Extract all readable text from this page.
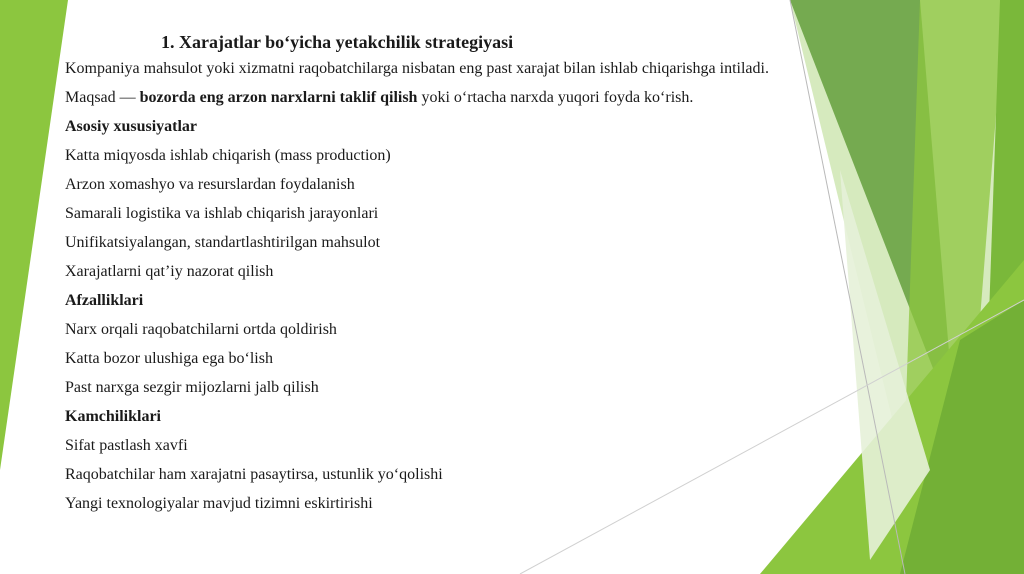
1. Xarajatlar bo‘yicha yetakchilik strategiyasi
Kompaniya mahsulot yoki xizmatni raqobatchilarga nisbatan eng past xarajat bilan ishlab chiqarishga intiladi.
Maqsad — bozorda eng arzon narxlarni taklif qilish yoki o‘rtacha narxda yuqori foyda ko‘rish.
Asosiy xususiyatlar
Katta miqyosda ishlab chiqarish (mass production)
Arzon xomashyo va resurslardan foydalanish
Samarali logistika va ishlab chiqarish jarayonlari
Unifikatsiyalangan, standartlashtirilgan mahsulot
Xarajatlarni qat’iy nazorat qilish
Afzalliklari
Narx orqali raqobatchilarni ortda qoldirish
Katta bozor ulushiga ega bo‘lish
Past narxga sezgir mijozlarni jalb qilish
Kamchiliklari
Sifat pastlash xavfi
Raqobatchilar ham xarajatni pasaytirsa, ustunlik yo‘qolishi
Yangi texnologiyalar mavjud tizimni eskirtirishi
